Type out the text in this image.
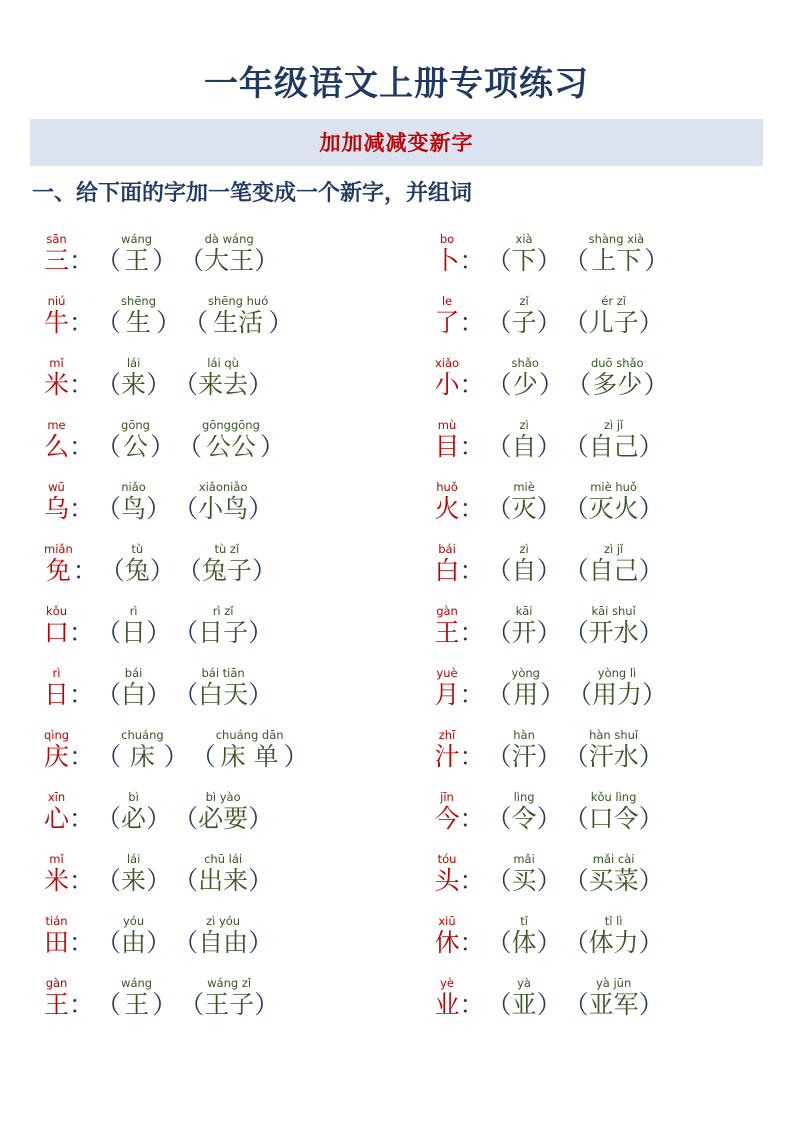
一年级语文上册专项练习
加加减减变新字
一、给下面的字加一笔变成一个新字，并组词
sān
三 ： （
wáng
王 ） （
dà wáng
大王 ）
bo
卜 ： （
xià
下 ） （
shàng xià
上下 ）
niú
牛 ： （
shēng
生 ） （
shēng huó
生活 ）
le
了 ： （
zǐ
子 ） （
ér zǐ
儿子 ）
mǐ
米 ： （
lái
来 ） （
lái qù
来去 ）
xiǎo
小 ： （
shǎo
少 ） （
duō shǎo
多少 ）
me
么 ： （
gōng
公 ） （
gōnggōng
公公 ）
mù
目 ： （
zì
自 ） （
zì jǐ
自己 ）
wū
乌 ： （
niǎo
鸟 ） （
xiǎoniǎo
小鸟 ）
huǒ
火 ： （
miè
灭 ） （
miè huǒ
灭火 ）
miǎn
免 ： （
tù
兔 ） （
tù zǐ
兔子 ）
bái
白 ： （
zì
自 ） （
zì jǐ
自己 ）
kǒu
口 ： （
rì
日 ） （
rì zǐ
日子 ）
gàn
王 ： （
kāi
开 ） （
kāi shuǐ
开水 ）
rì
日 ： （
bái
白 ） （
bái tiān
白天 ）
yuè
月 ： （
yòng
用 ） （
yòng lì
用力 ）
qìng
庆 ： （
chuáng
床 ） （
chuáng dān
床 单 ）
zhī
汁 ： （
hàn
汗 ） （
hàn shuǐ
汗水 ）
xīn
心 ： （
bì
必 ） （
bì yào
必要 ）
jīn
今 ： （
lìng
令 ） （
kǒu lìng
口令 ）
mǐ
米 ： （
lái
来 ） （
chū lái
出来 ）
tóu
头 ： （
mǎi
买 ） （
mǎi cài
买菜 ）
tián
田 ： （
yóu
由 ） （
zì yóu
自由 ）
xiū
休 ： （
tǐ
体 ） （
tǐ lì
体力 ）
gàn
王 ： （
wáng
王 ） （
wáng zǐ
王子 ）
yè
业 ： （
yà
亚 ） （
yà jūn
亚军 ）
